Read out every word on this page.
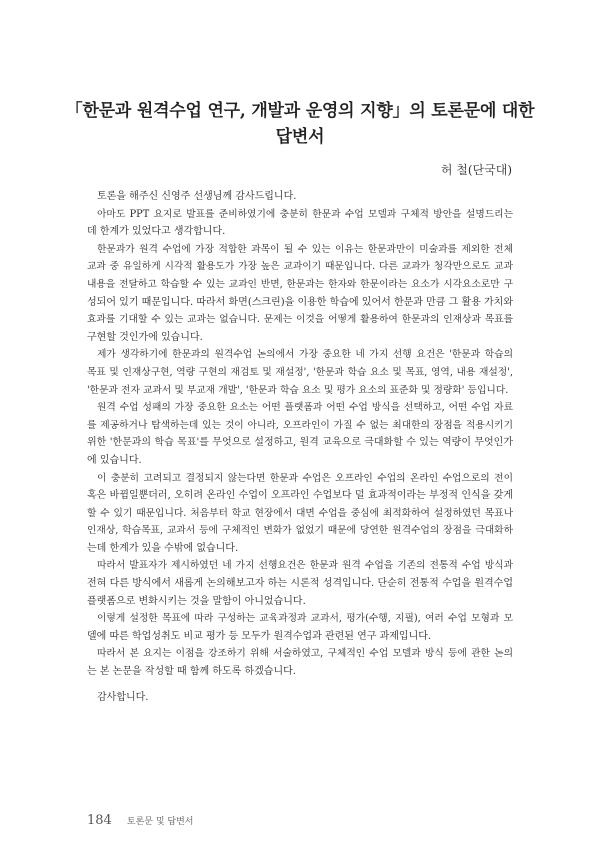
「한문과 원격수업 연구, 개발과 운영의 지향」의 토론문에 대한
답변서
허 철(단국대)
토론을 해주신 신영주 선생님께 감사드립니다.
아마도 PPT 요지로 발표를 준비하였기에 충분히 한문과 수업 모델과 구체적 방안을 설명드리는
데 한계가 있었다고 생각합니다.
한문과가 원격 수업에 가장 적합한 과목이 될 수 있는 이유는 한문과만이 미술과를 제외한 전체
교과 중 유일하게 시각적 활용도가 가장 높은 교과이기 때문입니다. 다른 교과가 청각만으로도 교과
내용을 전달하고 학습할 수 있는 교과인 반면, 한문과는 한자와 한문이라는 요소가 시각요소로만 구
성되어 있기 때문입니다. 따라서 화면(스크린)을 이용한 학습에 있어서 한문과 만큼 그 활용 가치와
효과를 기대할 수 있는 교과는 없습니다. 문제는 이것을 어떻게 활용하여 한문과의 인재상과 목표를
구현할 것인가에 있습니다.
제가 생각하기에 한문과의 원격수업 논의에서 가장 중요한 네 가지 선행 요건은 '한문과 학습의
목표 및 인재상구현, 역량 구현의 재검토 및 재설정', '한문과 학습 요소 및 목표, 영역, 내용 재설정',
'한문과 전자 교과서 및 부교재 개발', '한문과 학습 요소 및 평가 요소의 표준화 및 정량화' 등입니다.
원격 수업 성패의 가장 중요한 요소는 어떤 플랫폼과 어떤 수업 방식을 선택하고, 어떤 수업 자료
를 제공하거나 탐색하는데 있는 것이 아니라, 오프라인이 가질 수 없는 최대한의 장점을 적용시키기
위한 '한문과의 학습 목표'를 무엇으로 설정하고, 원격 교육으로 극대화할 수 있는 역량이 무엇인가
에 있습니다.
이 충분히 고려되고 결정되지 않는다면 한문과 수업은 오프라인 수업의 온라인 수업으로의 전이
혹은 바뀜일뿐더러, 오히려 온라인 수업이 오프라인 수업보다 덜 효과적이라는 부정적 인식을 갖게
할 수 있기 때문입니다. 처음부터 학교 현장에서 대면 수업을 중심에 최적화하여 설정하였던 목표나
인재상, 학습목표, 교과서 등에 구체적인 변화가 없었기 때문에 당연한 원격수업의 장점을 극대화하
는데 한계가 있을 수밖에 없습니다.
따라서 발표자가 제시하였던 네 가지 선행요건은 한문과 원격 수업을 기존의 전통적 수업 방식과
전혀 다른 방식에서 새롭게 논의해보고자 하는 시론적 성격입니다. 단순히 전통적 수업을 원격수업
플랫폼으로 변화시키는 것을 말함이 아니었습니다.
이렇게 설정한 목표에 따라 구성하는 교육과정과 교과서, 평가(수행, 지필), 여러 수업 모형과 모
델에 따른 학업성취도 비교 평가 등 모두가 원격수업과 관련된 연구 과제입니다.
따라서 본 요지는 이점을 강조하기 위해 서술하였고, 구체적인 수업 모델과 방식 등에 관한 논의
는 본 논문을 작성할 때 함께 하도록 하겠습니다.
감사합니다.
184 토론문 및 답변서
